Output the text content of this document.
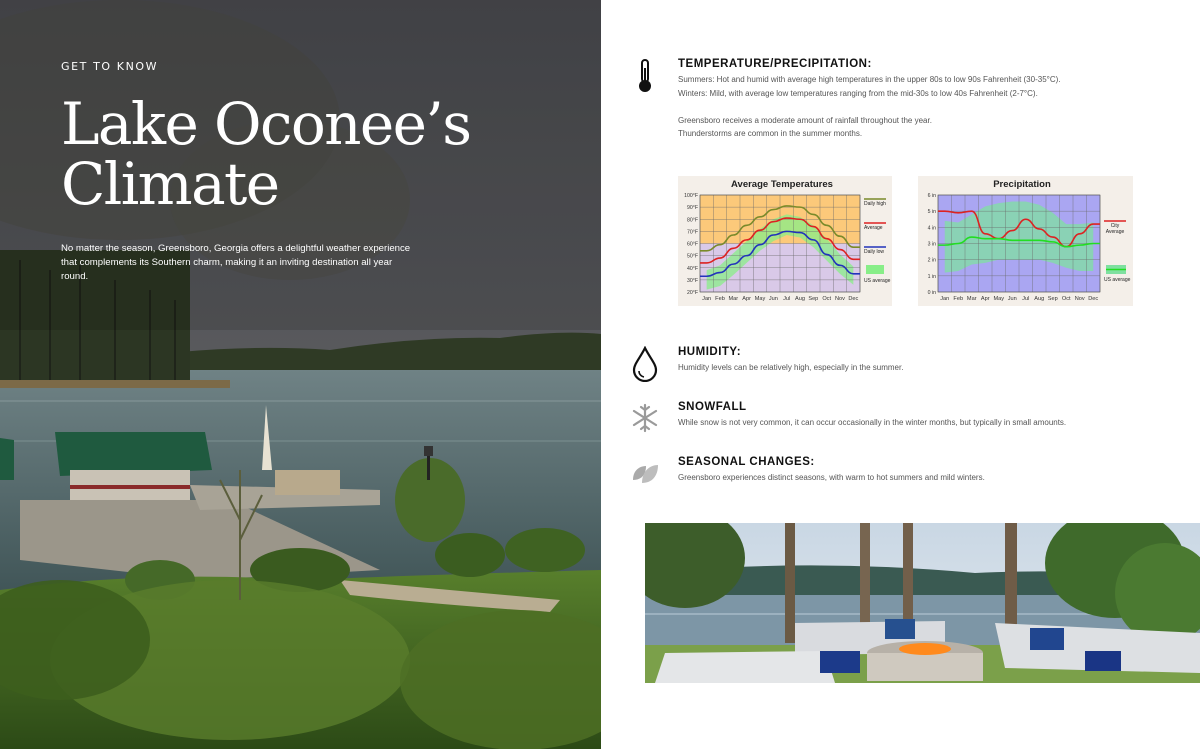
GET TO KNOW
Lake Oconee’s
Climate

No matter the season, Greensboro, Georgia offers a delightful weather experience
that complements its Southern charm, making it an inviting destination all year round.

TEMPERATURE/PRECIPITATION:
Summers: Hot and humid with average high temperatures in the upper 80s to low 90s Fahrenheit (30-35°C).
Winters: Mild, with average low temperatures ranging from the mid-30s to low 40s Fahrenheit (2-7°C).
Greensboro receives a moderate amount of rainfall throughout the year.
Thunderstorms are common in the summer months.
Average Temperatures
100°F
90°F
80°F
70°F
60°F
50°F
40°F
30°F
20°F
Jan Feb Mar Apr May Jun Jul Aug Sep Oct Nov Dec
Daily high
Average
Daily low
US average
Precipitation
6 in
5 in
4 in
3 in
2 in
1 in
0 in
Jan Feb Mar Apr May Jun Jul Aug Sep Oct Nov Dec
City
Average
US average
HUMIDITY:
Humidity levels can be relatively high, especially in the summer.
SNOWFALL
While snow is not very common, it can occur occasionally in the winter months, but typically in small amounts.
SEASONAL CHANGES:
Greensboro experiences distinct seasons, with warm to hot summers and mild winters.
